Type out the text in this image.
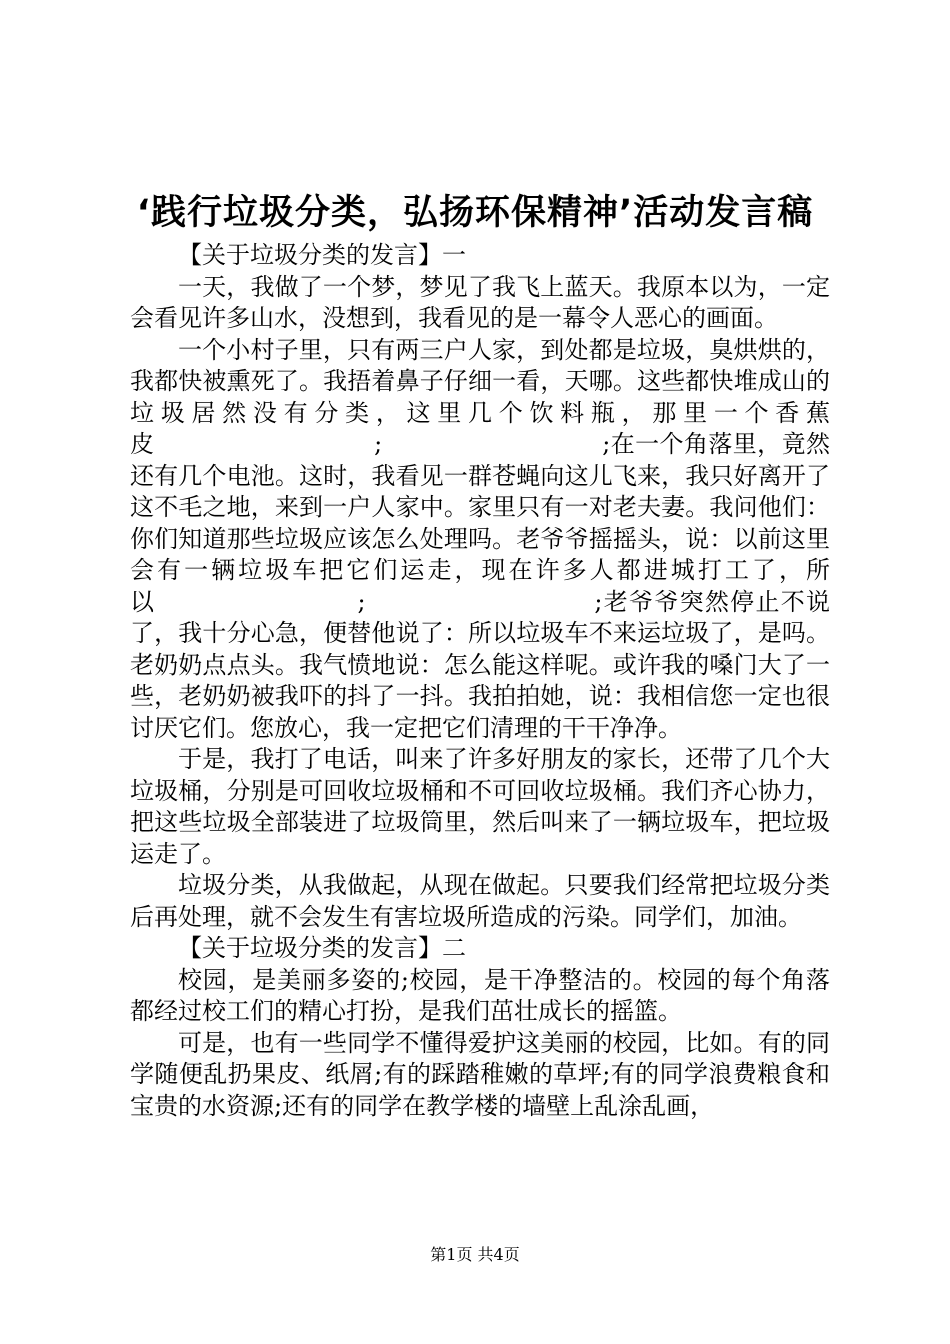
‘践行垃圾分类，弘扬环保精神’活动发言稿

【关于垃圾分类的发言】一

一天，我做了一个梦，梦见了我飞上蓝天。我原本以为，一定会看见许多山水，没想到，我看见的是一幕令人恶心的画面。

一个小村子里，只有两三户人家，到处都是垃圾，臭烘烘的，我都快被熏死了。我捂着鼻子仔细一看，天哪。这些都快堆成山的垃圾居然没有分类，这里几个饮料瓶，那里一个香蕉皮　　　　　　　　　;　　　　　　　　　;在一个角落里，竟然还有几个电池。这时，我看见一群苍蝇向这儿飞来，我只好离开了这不毛之地，来到一户人家中。家里只有一对老夫妻。我问他们：你们知道那些垃圾应该怎么处理吗。老爷爷摇摇头，说：以前这里会有一辆垃圾车把它们运走，现在许多人都进城打工了，所以　　　　　　　　;　　　　　　　　　;老爷爷突然停止不说了，我十分心急，便替他说了：所以垃圾车不来运垃圾了，是吗。老奶奶点点头。我气愤地说：怎么能这样呢。或许我的嗓门大了一些，老奶奶被我吓的抖了一抖。我拍拍她，说：我相信您一定也很讨厌它们。您放心，我一定把它们清理的干干净净。

于是，我打了电话，叫来了许多好朋友的家长，还带了几个大垃圾桶，分别是可回收垃圾桶和不可回收垃圾桶。我们齐心协力，把这些垃圾全部装进了垃圾筒里，然后叫来了一辆垃圾车，把垃圾运走了。

垃圾分类，从我做起，从现在做起。只要我们经常把垃圾分类后再处理，就不会发生有害垃圾所造成的污染。同学们，加油。

【关于垃圾分类的发言】二

校园，是美丽多姿的;校园，是干净整洁的。校园的每个角落都经过校工们的精心打扮，是我们茁壮成长的摇篮。

可是，也有一些同学不懂得爱护这美丽的校园，比如。有的同学随便乱扔果皮、纸屑;有的踩踏稚嫩的草坪;有的同学浪费粮食和宝贵的水资源;还有的同学在教学楼的墙壁上乱涂乱画，

第1页 共4页
